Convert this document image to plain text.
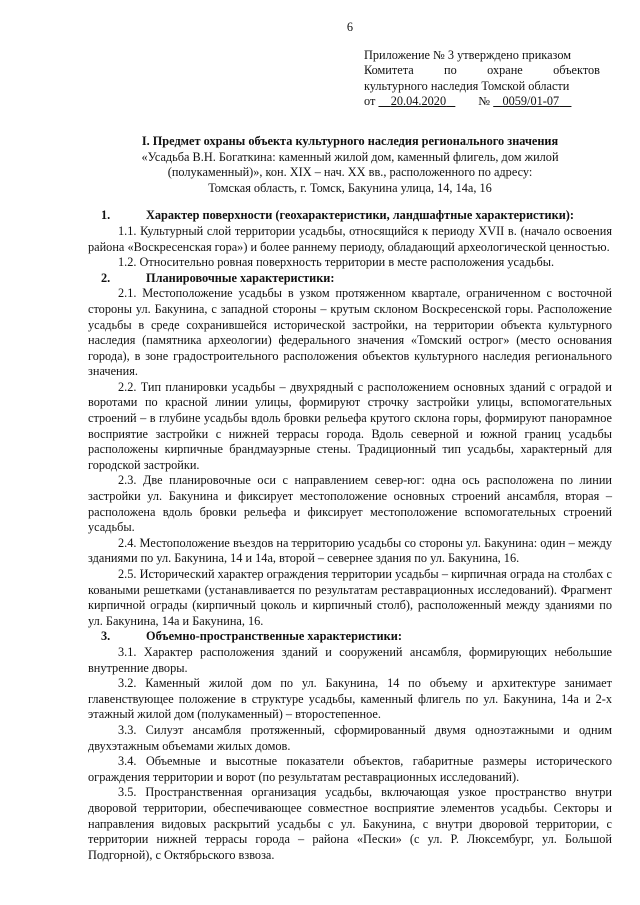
6
Приложение № 3 утверждено приказом
Комитета по охране объектов
культурного наследия Томской области
от 20.04.2020	№ 0059/01-07
I. Предмет охраны объекта культурного наследия регионального значения
«Усадьба В.Н. Богаткина: каменный жилой дом, каменный флигель, дом жилой
(полукаменный)», кон. XIX – нач. XX вв., расположенного по адресу:
Томская область, г. Томск, Бакунина улица, 14, 14а, 16

1.	Характер поверхности (геохарактеристики, ландшафтные характеристики):

1.1. Культурный слой территории усадьбы, относящийся к периоду XVII в. (начало освоения района «Воскресенская гора») и более раннему периоду, обладающий археологической ценностью.

1.2. Относительно ровная поверхность территории в месте расположения усадьбы.

2.	Планировочные характеристики:

2.1. Местоположение усадьбы в узком протяженном квартале, ограниченном с восточной стороны ул. Бакунина, с западной стороны – крутым склоном Воскресенской горы. Расположение усадьбы в среде сохранившейся исторической застройки, на территории объекта культурного наследия (памятника археологии) федерального значения «Томский острог» (место основания города), в зоне градостроительного расположения объектов культурного наследия регионального значения.

2.2. Тип планировки усадьбы – двухрядный с расположением основных зданий с оградой и воротами по красной линии улицы, формируют строчку застройки улицы, вспомогательных строений – в глубине усадьбы вдоль бровки рельефа крутого склона горы, формируют панорамное восприятие застройки с нижней террасы города. Вдоль северной и южной границ усадьбы расположены кирпичные брандмауэрные стены. Традиционный тип усадьбы, характерный для городской застройки.

2.3. Две планировочные оси с направлением север-юг: одна ось расположена по линии застройки ул. Бакунина и фиксирует местоположение основных строений ансамбля, вторая – расположена вдоль бровки рельефа и фиксирует местоположение вспомогательных строений усадьбы.

2.4. Местоположение въездов на территорию усадьбы со стороны ул. Бакунина: один – между зданиями по ул. Бакунина, 14 и 14а, второй – севернее здания по ул. Бакунина, 16.

2.5. Исторический характер ограждения территории усадьбы – кирпичная ограда на столбах с коваными решетками (устанавливается по результатам реставрационных исследований). Фрагмент кирпичной ограды (кирпичный цоколь и кирпичный столб), расположенный между зданиями по ул. Бакунина, 14а и Бакунина, 16.

3.	Объемно-пространственные характеристики:

3.1. Характер расположения зданий и сооружений ансамбля, формирующих небольшие внутренние дворы.

3.2. Каменный жилой дом по ул. Бакунина, 14 по объему и архитектуре занимает главенствующее положение в структуре усадьбы, каменный флигель по ул. Бакунина, 14а и 2-х этажный жилой дом (полукаменный) – второстепенное.

3.3. Силуэт ансамбля протяженный, сформированный двумя одноэтажными и одним двухэтажным объемами жилых домов.

3.4. Объемные и высотные показатели объектов, габаритные размеры исторического ограждения территории и ворот (по результатам реставрационных исследований).

3.5. Пространственная организация усадьбы, включающая узкое пространство внутри дворовой территории, обеспечивающее совместное восприятие элементов усадьбы. Секторы и направления видовых раскрытий усадьбы с ул. Бакунина, с внутри дворовой территории, с территории нижней террасы города – района «Пески» (с ул. Р. Люксембург, ул. Большой Подгорной), с Октябрьского взвоза.
